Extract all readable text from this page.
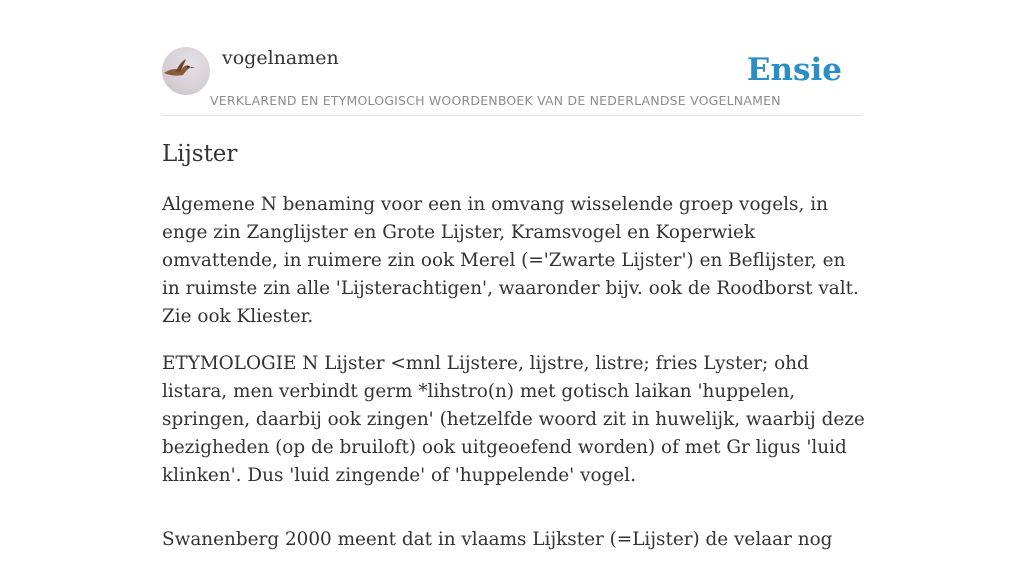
vogelnamen
VERKLAREND EN ETYMOLOGISCH WOORDENBOEK VAN DE NEDERLANDSE VOGELNAMEN
Ensie
Lijster

Algemene N benaming voor een in omvang wisselende groep vogels, in enge zin Zanglijster en Grote Lijster, Kramsvogel en Koperwiek omvattende, in ruimere zin ook Merel (='Zwarte Lijster') en Beflijster, en in ruimste zin alle 'Lijsterachtigen', waaronder bijv. ook de Roodborst valt. Zie ook Kliester.

ETYMOLOGIE N Lijster <mnl Lijstere, lijstre, listre; fries Lyster; ohd listara, men verbindt germ *lihstro(n) met gotisch laikan 'huppelen, springen, daarbij ook zingen' (hetzelfde woord zit in huwelijk, waarbij deze bezigheden (op de bruiloft) ook uitgeoefend worden) of met Gr ligus 'luid klinken'. Dus 'luid zingende' of 'huppelende' vogel.

Swanenberg 2000 meent dat in vlaams Lijkster (=Lijster) de velaar nog
